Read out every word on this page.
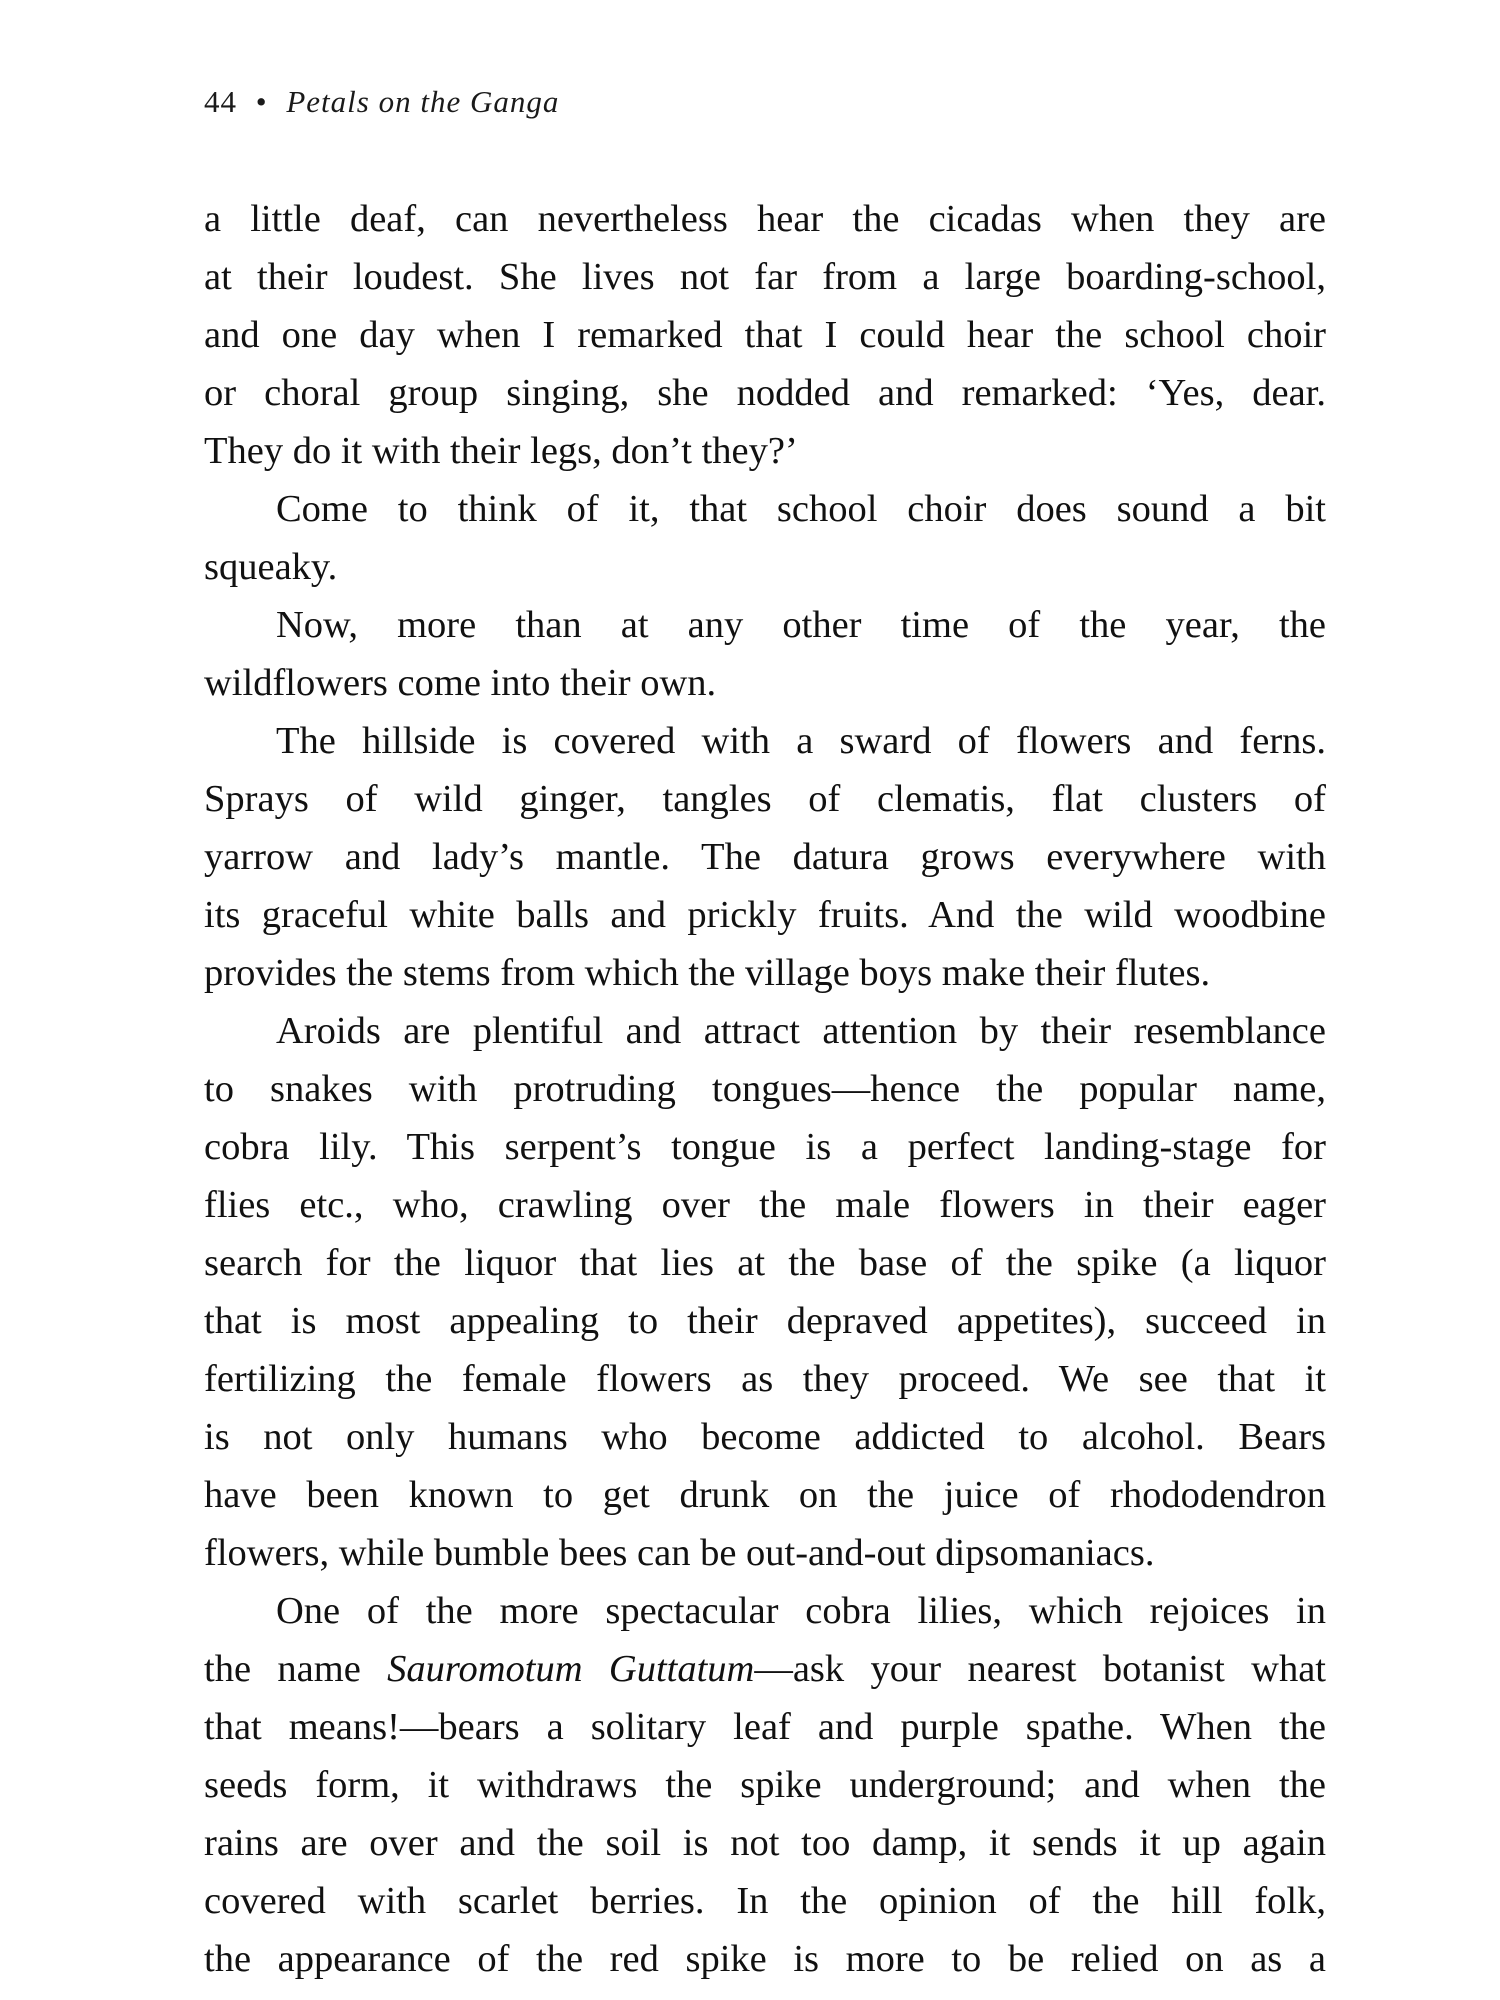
44 • Petals on the Ganga
a little deaf, can nevertheless hear the cicadas when they are
at their loudest. She lives not far from a large boarding-school,
and one day when I remarked that I could hear the school choir
or choral group singing, she nodded and remarked: ‘Yes, dear.
They do it with their legs, don’t they?’
Come to think of it, that school choir does sound a bit
squeaky.
Now, more than at any other time of the year, the
wildflowers come into their own.
The hillside is covered with a sward of flowers and ferns.
Sprays of wild ginger, tangles of clematis, flat clusters of
yarrow and lady’s mantle. The datura grows everywhere with
its graceful white balls and prickly fruits. And the wild woodbine
provides the stems from which the village boys make their flutes.
Aroids are plentiful and attract attention by their resemblance
to snakes with protruding tongues—hence the popular name,
cobra lily. This serpent’s tongue is a perfect landing-stage for
flies etc., who, crawling over the male flowers in their eager
search for the liquor that lies at the base of the spike (a liquor
that is most appealing to their depraved appetites), succeed in
fertilizing the female flowers as they proceed. We see that it
is not only humans who become addicted to alcohol. Bears
have been known to get drunk on the juice of rhododendron
flowers, while bumble bees can be out-and-out dipsomaniacs.
One of the more spectacular cobra lilies, which rejoices in
the name Sauromotum Guttatum—ask your nearest botanist what
that means!—bears a solitary leaf and purple spathe. When the
seeds form, it withdraws the spike underground; and when the
rains are over and the soil is not too damp, it sends it up again
covered with scarlet berries. In the opinion of the hill folk,
the appearance of the red spike is more to be relied on as a
